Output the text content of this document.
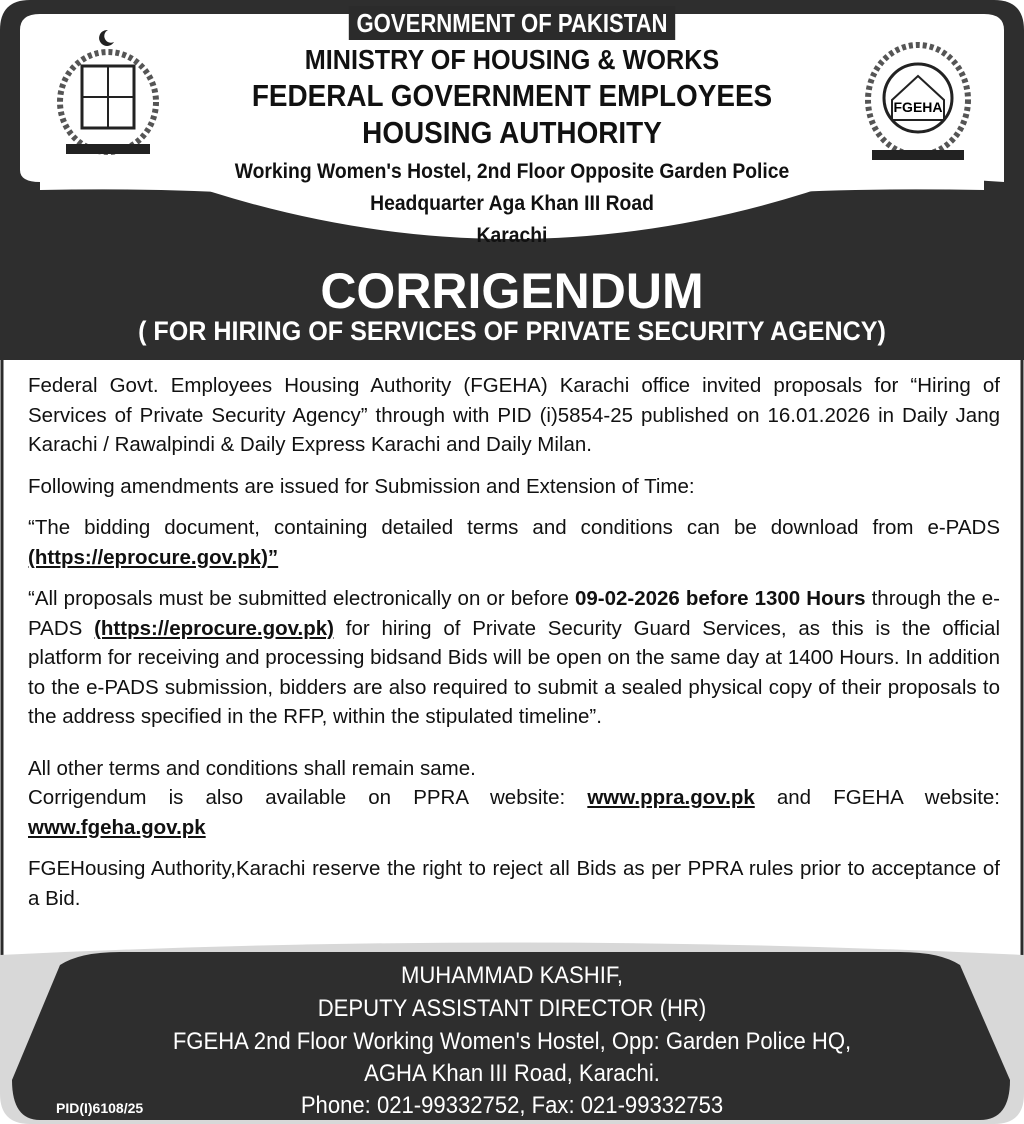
FGEHA
GOVERNMENT OF PAKISTAN
MINISTRY OF HOUSING & WORKS
FEDERAL GOVERNMENT EMPLOYEES
HOUSING AUTHORITY
Working Women's Hostel, 2nd Floor Opposite Garden Police
Headquarter Aga Khan III Road
Karachi
CORRIGENDUM
( FOR HIRING OF SERVICES OF PRIVATE SECURITY AGENCY)

Federal Govt. Employees Housing Authority (FGEHA) Karachi office invited proposals for “Hiring of Services of Private Security Agency” through with PID (i)5854-25 published on 16.01.2026 in Daily Jang Karachi / Rawalpindi & Daily Express Karachi and Daily Milan.

Following amendments are issued for Submission and Extension of Time:

“The bidding document, containing detailed terms and conditions can be download from e-PADS (https://eprocure.gov.pk)”

“All proposals must be submitted electronically on or before 09-02-2026 before 1300 Hours through the e-PADS (https://eprocure.gov.pk) for hiring of Private Security Guard Services, as this is the official platform for receiving and processing bidsand Bids will be open on the same day at 1400 Hours. In addition to the e-PADS submission, bidders are also required to submit a sealed physical copy of their proposals to the address specified in the RFP, within the stipulated timeline”.

All other terms and conditions shall remain same.

Corrigendum is also available on PPRA website: www.ppra.gov.pk and FGEHA website: www.fgeha.gov.pk

FGEHousing Authority,Karachi reserve the right to reject all Bids as per PPRA rules prior to acceptance of a Bid.

MUHAMMAD KASHIF,
DEPUTY ASSISTANT DIRECTOR (HR)
FGEHA 2nd Floor Working Women's Hostel, Opp: Garden Police HQ,
AGHA Khan III Road, Karachi.
Phone: 021-99332752, Fax: 021-99332753
PID(I)6108/25
